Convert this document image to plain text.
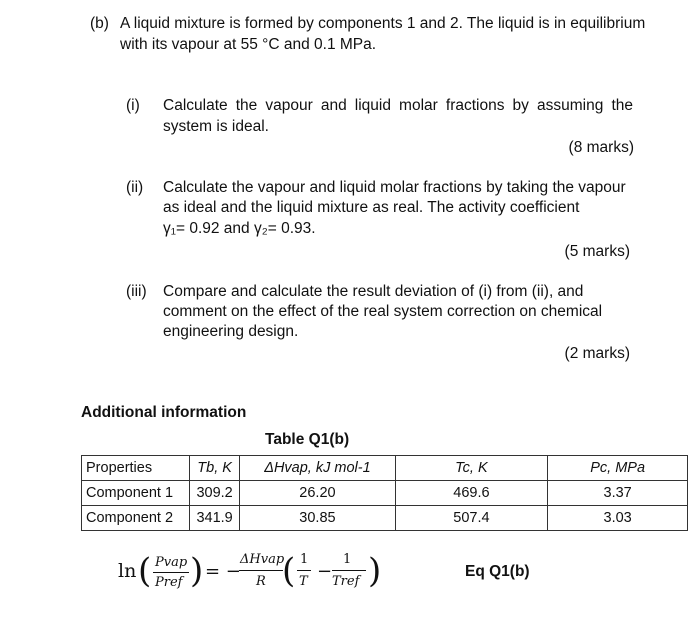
(b) A liquid mixture is formed by components 1 and 2. The liquid is in equilibrium
with its vapour at 55 °C and 0.1 MPa.
(i) Calculate the vapour and liquid molar fractions by assuming the
system is ideal.
(8 marks)
(ii) Calculate the vapour and liquid molar fractions by taking the vapour
as ideal and the liquid mixture as real. The activity coefficient
γ₁= 0.92 and γ₂= 0.93.
(5 marks)
(iii) Compare and calculate the result deviation of (i) from (ii), and
comment on the effect of the real system correction on chemical
engineering design.
(2 marks)
Additional information
Table Q1(b)
Properties	Tb, K	ΔHvap, kJ mol-1	Tc, K	Pc, MPa
Component 1	309.2	26.20	469.6	3.37
Component 2	341.9	30.85	507.4	3.03
ln ( Pvap
Pref ) = −
ΔHvap
R ( 1
T −
1
Tref )	Eq Q1(b)
